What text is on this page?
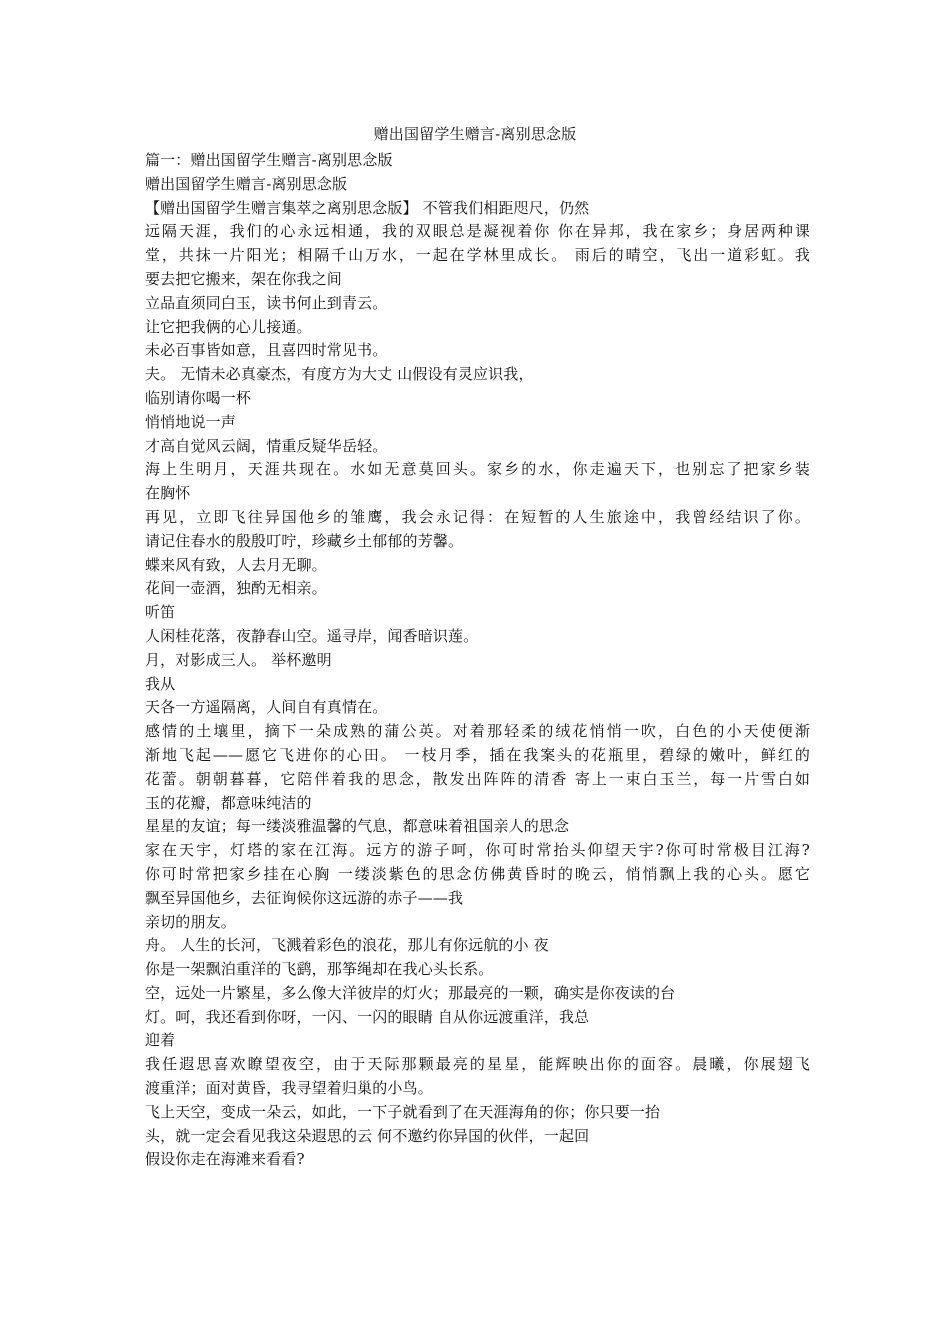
赠出国留学生赠言-离别思念版
篇一：赠出国留学生赠言-离别思念版
赠出国留学生赠言-离别思念版
【赠出国留学生赠言集萃之离别思念版】 不管我们相距咫尺，仍然
远隔天涯，我们的心永远相通，我的双眼总是凝视着你 你在异邦，我在家乡；身居两种课
堂，共抹一片阳光；相隔千山万水，一起在学林里成长。 雨后的晴空，飞出一道彩虹。我
要去把它搬来，架在你我之间
立品直须同白玉，读书何止到青云。
让它把我俩的心儿接通。
未必百事皆如意，且喜四时常见书。
夫。 无情未必真豪杰，有度方为大丈 山假设有灵应识我，
临别请你喝一杯
悄悄地说一声
才高自觉风云阔，情重反疑华岳轻。
海上生明月，天涯共现在。水如无意莫回头。家乡的水，你走遍天下，也别忘了把家乡装
在胸怀
再见，立即飞往异国他乡的雏鹰，我会永记得：在短暂的人生旅途中，我曾经结识了你。
请记住春水的殷殷叮咛，珍藏乡土郁郁的芳馨。
蝶来风有致，人去月无聊。
花间一壶酒，独酌无相亲。
听笛
人闲桂花落，夜静春山空。遥寻岸，闻香暗识莲。
月，对影成三人。 举杯邀明
我从
天各一方遥隔离，人间自有真情在。
感情的土壤里，摘下一朵成熟的蒲公英。对着那轻柔的绒花悄悄一吹，白色的小天使便渐
渐地飞起——愿它飞进你的心田。 一枝月季，插在我案头的花瓶里，碧绿的嫩叶，鲜红的
花蕾。朝朝暮暮，它陪伴着我的思念，散发出阵阵的清香 寄上一束白玉兰，每一片雪白如
玉的花瓣，都意味纯洁的
星星的友谊；每一缕淡雅温馨的气息，都意味着祖国亲人的思念
家在天宇，灯塔的家在江海。远方的游子呵，你可时常抬头仰望天宇?你可时常极目江海?
你可时常把家乡挂在心胸 一缕淡紫色的思念仿佛黄昏时的晚云，悄悄飘上我的心头。愿它
飘至异国他乡，去征询候你这远游的赤子——我
亲切的朋友。
舟。 人生的长河，飞溅着彩色的浪花，那儿有你远航的小 夜
你是一架飘泊重洋的飞鹞，那筝绳却在我心头长系。
空，远处一片繁星，多么像大洋彼岸的灯火；那最亮的一颗，确实是你夜读的台
灯。呵，我还看到你呀，一闪、一闪的眼睛 自从你远渡重洋，我总
迎着
我任遐思喜欢瞭望夜空，由于天际那颗最亮的星星，能辉映出你的面容。晨曦，你展翅飞
渡重洋；面对黄昏，我寻望着归巢的小鸟。
飞上天空，变成一朵云，如此，一下子就看到了在天涯海角的你；你只要一抬
头，就一定会看见我这朵遐思的云 何不邀约你异国的伙伴，一起回
假设你走在海滩来看看?
